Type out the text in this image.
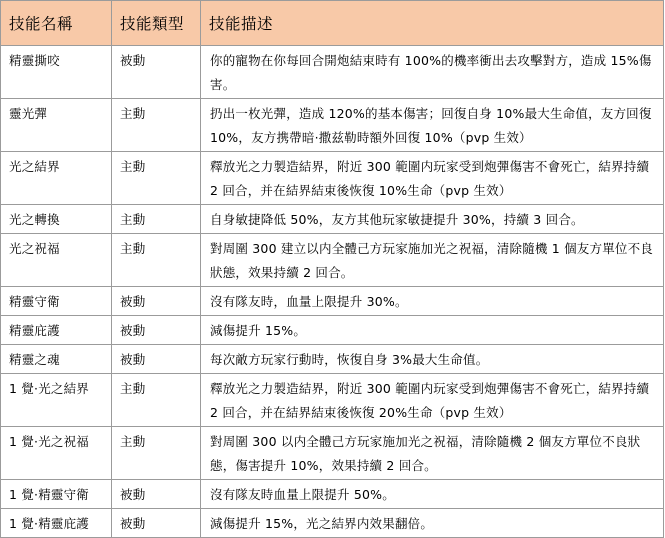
技能名稱	技能類型	技能描述
精靈撕咬	被動	你的寵物在你每回合開炮結束時有 100%的機率衝出去攻擊對方，造成 15%傷害。
靈光彈	主動	扔出一枚光彈，造成 120%的基本傷害；回復自身 10%最大生命值，友方回復 10%，友方携帶暗·撒兹勒時額外回復 10%（pvp 生效）
光之結界	主動	釋放光之力製造結界，附近 300 範圍内玩家受到炮彈傷害不會死亡，結界持續 2 回合，并在結界結束後恢復 10%生命（pvp 生效）
光之轉換	主動	自身敏捷降低 50%，友方其他玩家敏捷提升 30%，持續 3 回合。
光之祝福	主動	對周圍 300 建立以内全體己方玩家施加光之祝福，清除隨機 1 個友方單位不良狀態，效果持續 2 回合。
精靈守衛	被動	沒有隊友時，血量上限提升 30%。
精靈庇護	被動	減傷提升 15%。
精靈之魂	被動	每次敵方玩家行動時，恢復自身 3%最大生命值。
1 覺·光之結界	主動	釋放光之力製造結界，附近 300 範圍内玩家受到炮彈傷害不會死亡，結界持續 2 回合，并在結界結束後恢復 20%生命（pvp 生效）
1 覺·光之祝福	主動	對周圍 300 以内全體己方玩家施加光之祝福，清除隨機 2 個友方單位不良狀態，傷害提升 10%，效果持續 2 回合。
1 覺·精靈守衛	被動	沒有隊友時血量上限提升 50%。
1 覺·精靈庇護	被動	減傷提升 15%，光之結界内效果翻倍。
